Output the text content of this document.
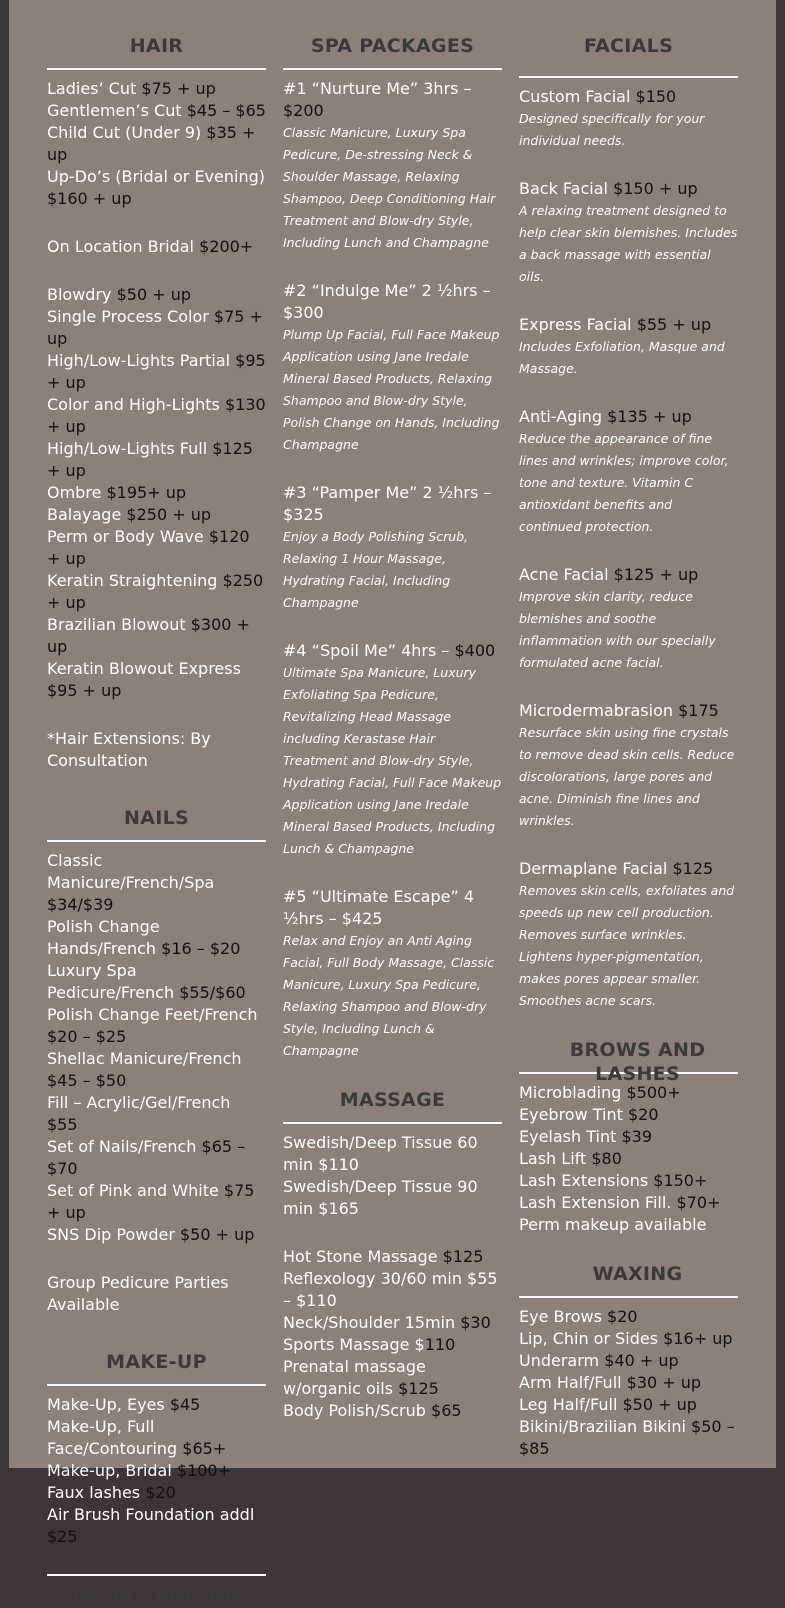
HAIR
Ladies’ Cut $75 + up
Gentlemen’s Cut $45 – $65
Child Cut (Under 9) $35 + up
Up-Do’s (Bridal or Evening) $160 + up
On Location Bridal $200+
Blowdry $50 + up
Single Process Color $75 + up
High/Low-Lights Partial $95 + up
Color and High-Lights $130 + up
High/Low-Lights Full $125 + up
Ombre $195+ up
Balayage $250 + up
Perm or Body Wave $120 + up
Keratin Straightening $250 + up
Brazilian Blowout $300 + up
Keratin Blowout Express $95 + up
*Hair Extensions: By Consultation
NAILS
Classic Manicure/French/Spa $34/$39
Polish Change Hands/French $16 – $20
Luxury Spa Pedicure/French $55/$60
Polish Change Feet/French $20 – $25
Shellac Manicure/French $45 – $50
Fill – Acrylic/Gel/French $55
Set of Nails/French $65 – $70
Set of Pink and White $75 + up
SNS Dip Powder $50 + up
Group Pedicure Parties Available
MAKE-UP
Make-Up, Eyes $45
Make-Up, Full Face/Contouring $65+
Make-up, Bridal $100+
Faux lashes $20
Air Brush Foundation addl $25
FACIAL ADD ON
SPA PACKAGES
#1 “Nurture Me” 3hrs – $200
Classic Manicure, Luxury Spa Pedicure, De-stressing Neck & Shoulder Massage, Relaxing Shampoo, Deep Conditioning Hair Treatment and Blow-dry Style, Including Lunch and Champagne
#2 “Indulge Me” 2 ½hrs – $300
Plump Up Facial, Full Face Makeup Application using Jane Iredale Mineral Based Products, Relaxing Shampoo and Blow-dry Style, Polish Change on Hands, Including Champagne
#3 “Pamper Me” 2 ½hrs – $325
Enjoy a Body Polishing Scrub, Relaxing 1 Hour Massage, Hydrating Facial, Including Champagne
#4 “Spoil Me” 4hrs – $400
Ultimate Spa Manicure, Luxury Exfoliating Spa Pedicure, Revitalizing Head Massage including Kerastase Hair Treatment and Blow-dry Style, Hydrating Facial, Full Face Makeup Application using Jane Iredale Mineral Based Products, Including Lunch & Champagne
#5 “Ultimate Escape” 4 ½hrs – $425
Relax and Enjoy an Anti Aging Facial, Full Body Massage, Classic Manicure, Luxury Spa Pedicure, Relaxing Shampoo and Blow-dry Style, Including Lunch & Champagne
MASSAGE
Swedish/Deep Tissue 60 min $110
Swedish/Deep Tissue 90 min $165
Hot Stone Massage $125
Reflexology 30/60 min $55 – $110
Neck/Shoulder 15min $30
Sports Massage $110
Prenatal massage w/organic oils $125
Body Polish/Scrub $65
FACIALS
Custom Facial $150
Designed specifically for your individual needs.
Back Facial $150 + up
A relaxing treatment designed to help clear skin blemishes. Includes a back massage with essential oils.
Express Facial $55 + up
Includes Exfoliation, Masque and Massage.
Anti-Aging $135 + up
Reduce the appearance of fine lines and wrinkles; improve color, tone and texture. Vitamin C antioxidant benefits and continued protection.
Acne Facial $125 + up
Improve skin clarity, reduce blemishes and soothe inflammation with our specially formulated acne facial.
Microdermabrasion $175
Resurface skin using fine crystals to remove dead skin cells. Reduce discolorations, large pores and acne. Diminish fine lines and wrinkles.
Dermaplane Facial $125
Removes skin cells, exfoliates and speeds up new cell production. Removes surface wrinkles. Lightens hyper-pigmentation, makes pores appear smaller. Smoothes acne scars.
BROWS AND LASHES
Microblading $500+
Eyebrow Tint $20
Eyelash Tint $39
Lash Lift $80
Lash Extensions $150+
Lash Extension Fill. $70+
Perm makeup available
WAXING
Eye Brows $20
Lip, Chin or Sides $16+ up
Underarm $40 + up
Arm Half/Full $30 + up
Leg Half/Full $50 + up
Bikini/Brazilian Bikini $50 – $85
